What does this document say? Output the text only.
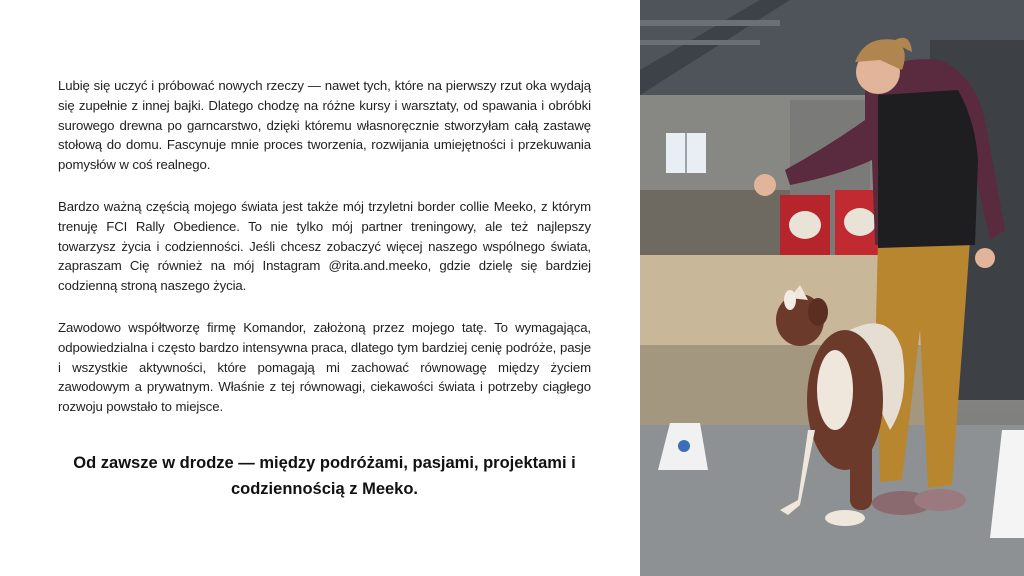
Lubię się uczyć i próbować nowych rzeczy — nawet tych, które na pierwszy rzut oka wydają się zupełnie z innej bajki. Dlatego chodzę na różne kursy i warsztaty, od spawania i obróbki surowego drewna po garncarstwo, dzięki któremu własnoręcznie stworzyłam całą zastawę stołową do domu. Fascynuje mnie proces tworzenia, rozwijania umiejętności i przekuwania pomysłów w coś realnego.

Bardzo ważną częścią mojego świata jest także mój trzyletni border collie Meeko, z którym trenuję FCI Rally Obedience. To nie tylko mój partner treningowy, ale też najlepszy towarzysz życia i codzienności. Jeśli chcesz zobaczyć więcej naszego wspólnego świata, zapraszam Cię również na mój Instagram @rita.and.meeko, gdzie dzielę się bardziej codzienną stroną naszego życia.

Zawodowo współtworzę firmę Komandor, założoną przez mojego tatę. To wymagająca, odpowiedzialna i często bardzo intensywna praca, dlatego tym bardziej cenię podróże, pasje i wszystkie aktywności, które pomagają mi zachować równowagę między życiem zawodowym a prywatnym. Właśnie z tej równowagi, ciekawości świata i potrzeby ciągłego rozwoju powstało to miejsce.

Od zawsze w drodze — między podróżami, pasjami, projektami i codziennością z Meeko.
